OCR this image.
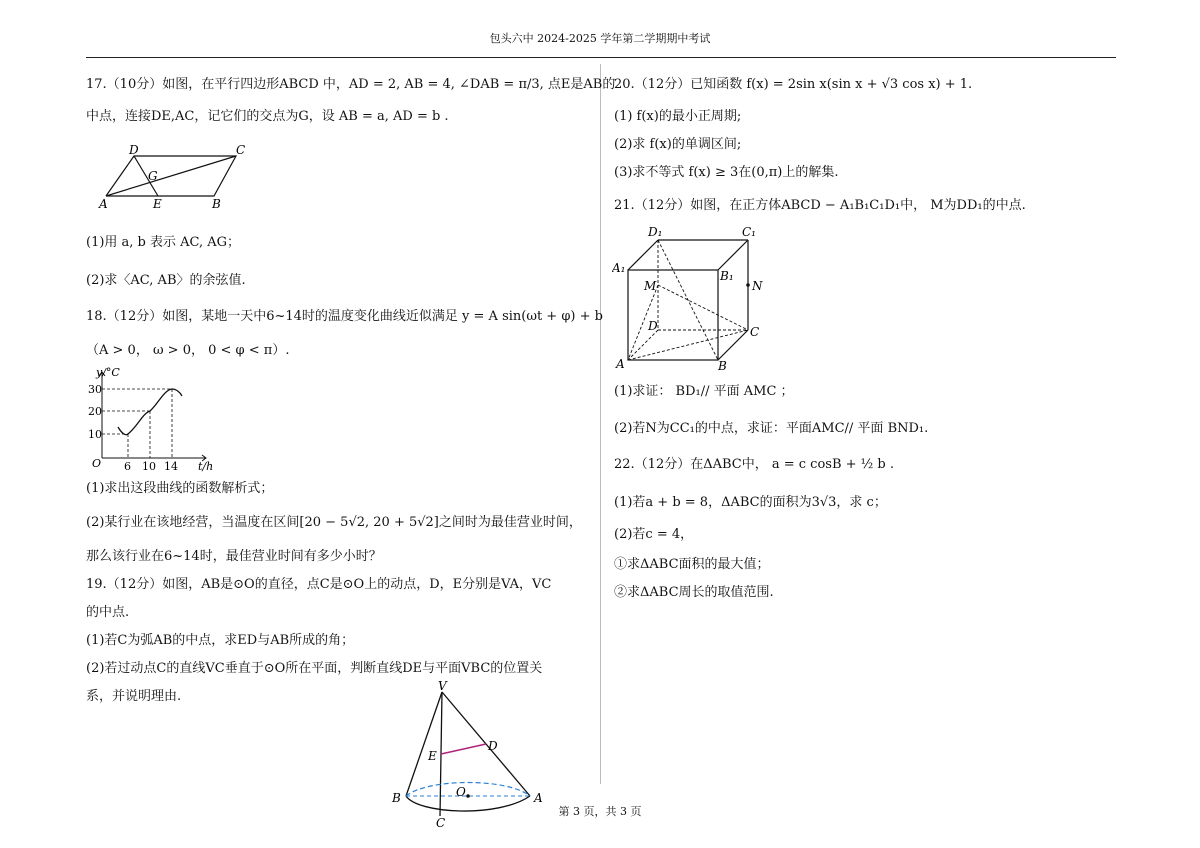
包头六中 2024-2025 学年第二学期期中考试
17.（10分）如图，在平行四边形ABCD 中，AD = 2, AB = 4, ∠DAB = π/3, 点E是AB的
中点，连接DE,AC，记它们的交点为G，设 AB = a, AD = b .
A	B
C
D
E
G
(1)用 a, b 表示 AC, AG；
(2)求〈AC, AB〉的余弦值.
18.（12分）如图，某地一天中6~14时的温度变化曲线近似满足 y = A sin(ωt + φ) + b
（A > 0， ω > 0， 0 < φ < π）.
y/°C
t/h
O
10
20
30
6 10 14
(1)求出这段曲线的函数解析式；
(2)某行业在该地经营，当温度在区间[20 − 5√2, 20 + 5√2]之间时为最佳营业时间，
那么该行业在6~14时，最佳营业时间有多少小时？
19.（12分）如图，AB是⊙O的直径，点C是⊙O上的动点，D，E分别是VA，VC
的中点.
(1)若C为弧AB的中点，求ED与AB所成的角；
(2)若过动点C的直线VC垂直于⊙O所在平面，判断直线DE与平面VBC的位置关
系，并说明理由.
V
E
D
B	O	A
C
20.（12分）已知函数 f(x) = 2sin x(sin x + √3 cos x) + 1.
(1) f(x)的最小正周期;
(2)求 f(x)的单调区间;
(3)求不等式 f(x) ≥ 3在(0,π)上的解集.
21.（12分）如图，在正方体ABCD − A₁B₁C₁D₁中， M为DD₁的中点.
D₁	C₁
A₁
B₁
M	N
D	C
A	B
(1)求证： BD₁// 平面 AMC ；
(2)若N为CC₁的中点，求证：平面AMC// 平面 BND₁.
22.（12分）在ΔABC中， a = c cosB + ½ b .
(1)若a + b = 8，ΔABC的面积为3√3，求 c；
(2)若c = 4，
①求ΔABC面积的最大值；
②求ΔABC周长的取值范围.
第 3 页，共 3 页
